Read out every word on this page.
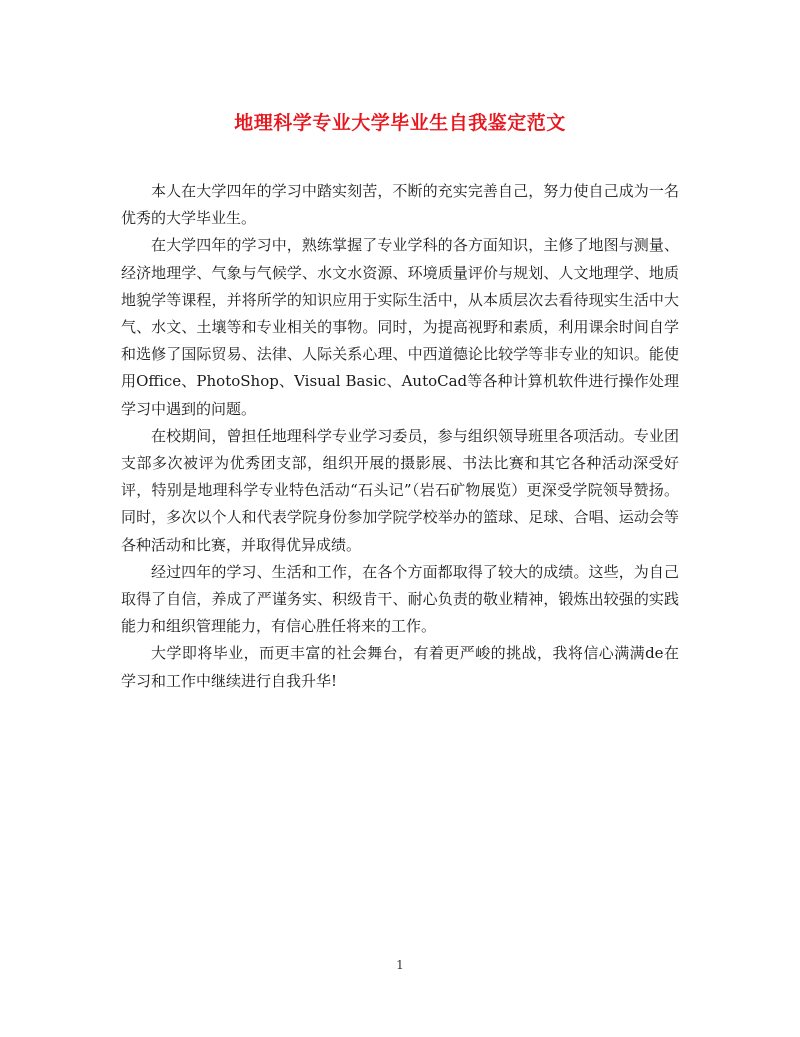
地理科学专业大学毕业生自我鉴定范文

本人在大学四年的学习中踏实刻苦，不断的充实完善自己，努力使自己成为一名优秀的大学毕业生。

在大学四年的学习中，熟练掌握了专业学科的各方面知识，主修了地图与测量、经济地理学、气象与气候学、水文水资源、环境质量评价与规划、人文地理学、地质地貌学等课程，并将所学的知识应用于实际生活中，从本质层次去看待现实生活中大气、水文、土壤等和专业相关的事物。同时，为提高视野和素质，利用课余时间自学和选修了国际贸易、法律、人际关系心理、中西道德论比较学等非专业的知识。能使用Office、PhotoShop、Visual Basic、AutoCad等各种计算机软件进行操作处理学习中遇到的问题。

在校期间，曾担任地理科学专业学习委员，参与组织领导班里各项活动。专业团支部多次被评为优秀团支部，组织开展的摄影展、书法比赛和其它各种活动深受好评，特别是地理科学专业特色活动“石头记”（岩石矿物展览）更深受学院领导赞扬。同时，多次以个人和代表学院身份参加学院学校举办的篮球、足球、合唱、运动会等各种活动和比赛，并取得优异成绩。

经过四年的学习、生活和工作，在各个方面都取得了较大的成绩。这些，为自己取得了自信，养成了严谨务实、积级肯干、耐心负责的敬业精神，锻炼出较强的实践能力和组织管理能力，有信心胜任将来的工作。

大学即将毕业，而更丰富的社会舞台，有着更严峻的挑战，我将信心满满de在学习和工作中继续进行自我升华!

1
